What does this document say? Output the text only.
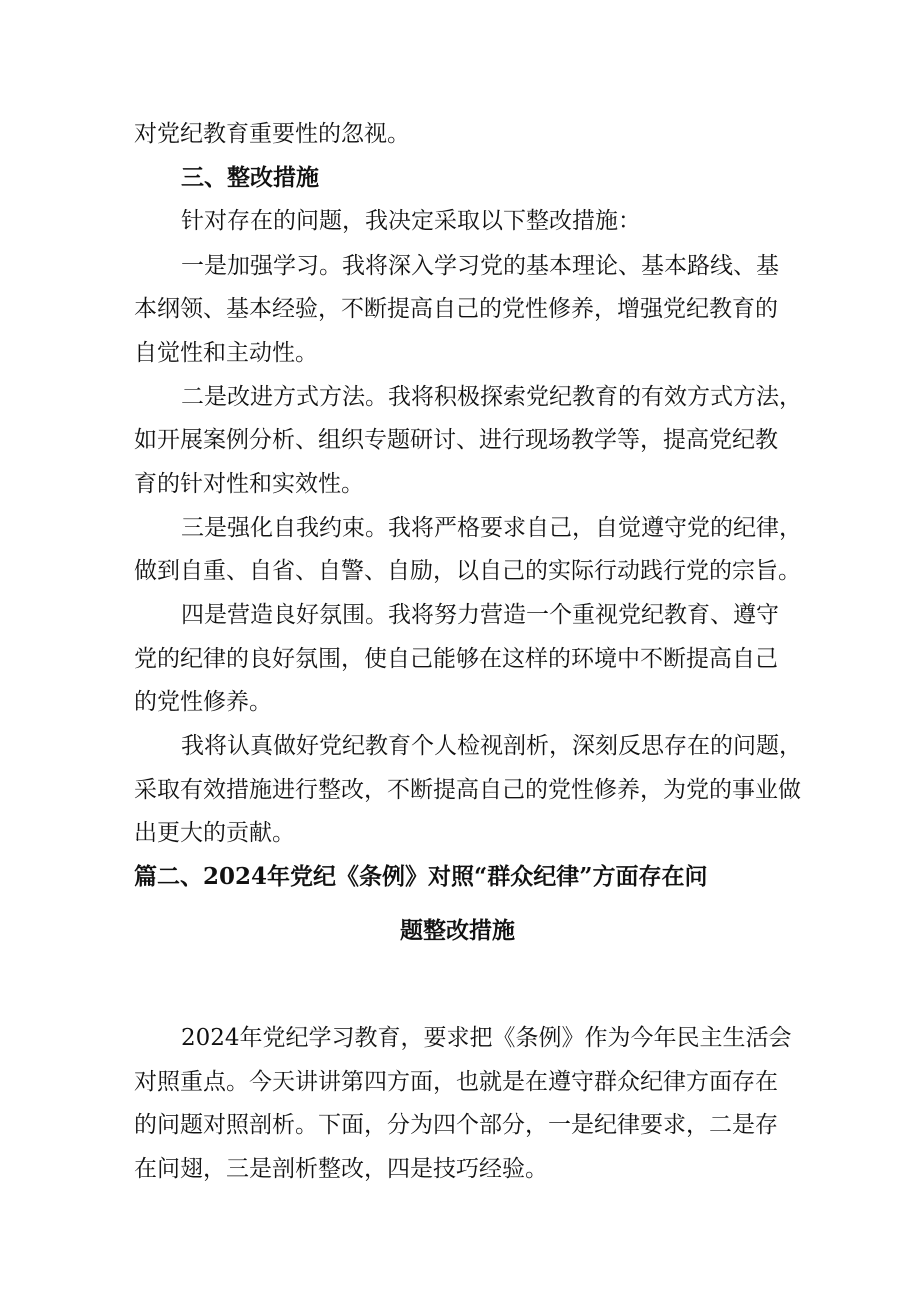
对党纪教育重要性的忽视。
三、整改措施
针对存在的问题，我决定采取以下整改措施：
一是加强学习。我将深入学习党的基本理论、基本路线、基
本纲领、基本经验，不断提高自己的党性修养，增强党纪教育的
自觉性和主动性。
二是改进方式方法。我将积极探索党纪教育的有效方式方法，
如开展案例分析、组织专题研讨、进行现场教学等，提高党纪教
育的针对性和实效性。
三是强化自我约束。我将严格要求自己，自觉遵守党的纪律，
做到自重、自省、自警、自励，以自己的实际行动践行党的宗旨。
四是营造良好氛围。我将努力营造一个重视党纪教育、遵守
党的纪律的良好氛围，使自己能够在这样的环境中不断提高自己
的党性修养。
我将认真做好党纪教育个人检视剖析，深刻反思存在的问题，
采取有效措施进行整改，不断提高自己的党性修养，为党的事业做
出更大的贡献。
篇二、2024年党纪《条例》对照“群众纪律”方面存在问
题整改措施
2024年党纪学习教育，要求把《条例》作为今年民主生活会
对照重点。今天讲讲第四方面，也就是在遵守群众纪律方面存在
的问题对照剖析。下面，分为四个部分，一是纪律要求，二是存
在问翅，三是剖析整改，四是技巧经验。
